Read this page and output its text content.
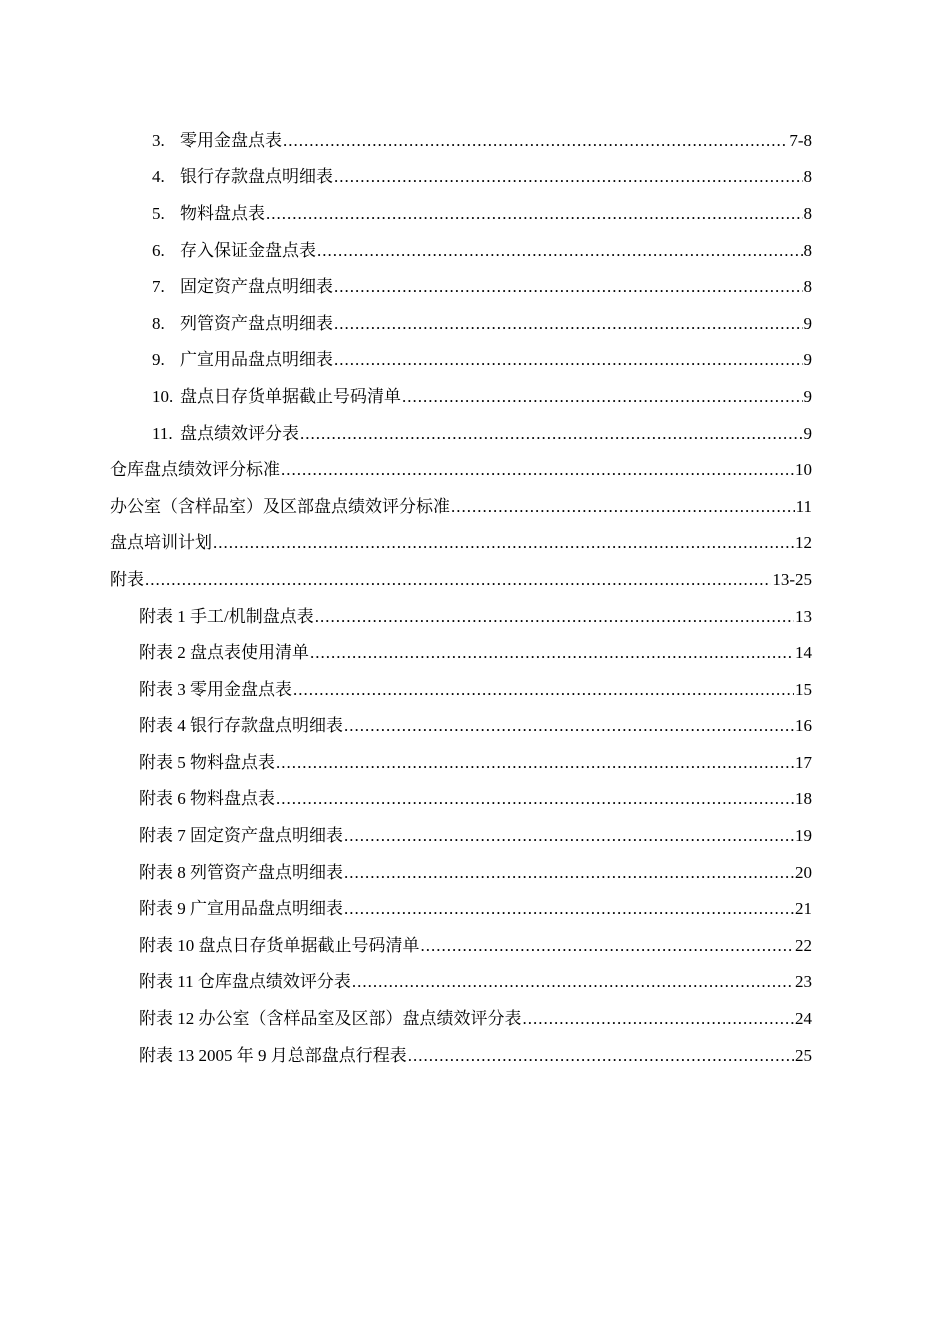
3. 零用金盘点表 .....	7-8
4. 银行存款盘点明细表 .....	8
5. 物料盘点表 .....	8
6. 存入保证金盘点表 .....	8
7. 固定资产盘点明细表 .....	8
8. 列管资产盘点明细表 .....	9
9. 广宣用品盘点明细表 .....	9
10. 盘点日存货单据截止号码清单 .....	9
11. 盘点绩效评分表 .....	9
仓库盘点绩效评分标准 .....	10
办公室（含样品室）及区部盘点绩效评分标准 .....	11
盘点培训计划 .....	12
附表 .....	13-25
附表 1 手工/机制盘点表 .....	13
附表 2 盘点表使用清单 .....	14
附表 3 零用金盘点表 .....	15
附表 4 银行存款盘点明细表 .....	16
附表 5 物料盘点表 .....	17
附表 6 物料盘点表 .....	18
附表 7 固定资产盘点明细表 .....	19
附表 8 列管资产盘点明细表 .....	20
附表 9 广宣用品盘点明细表 .....	21
附表 10 盘点日存货单据截止号码清单 .....	22
附表 11 仓库盘点绩效评分表 .....	23
附表 12 办公室（含样品室及区部）盘点绩效评分表 .....	24
附表 13 2005 年 9 月总部盘点行程表 .....	25
